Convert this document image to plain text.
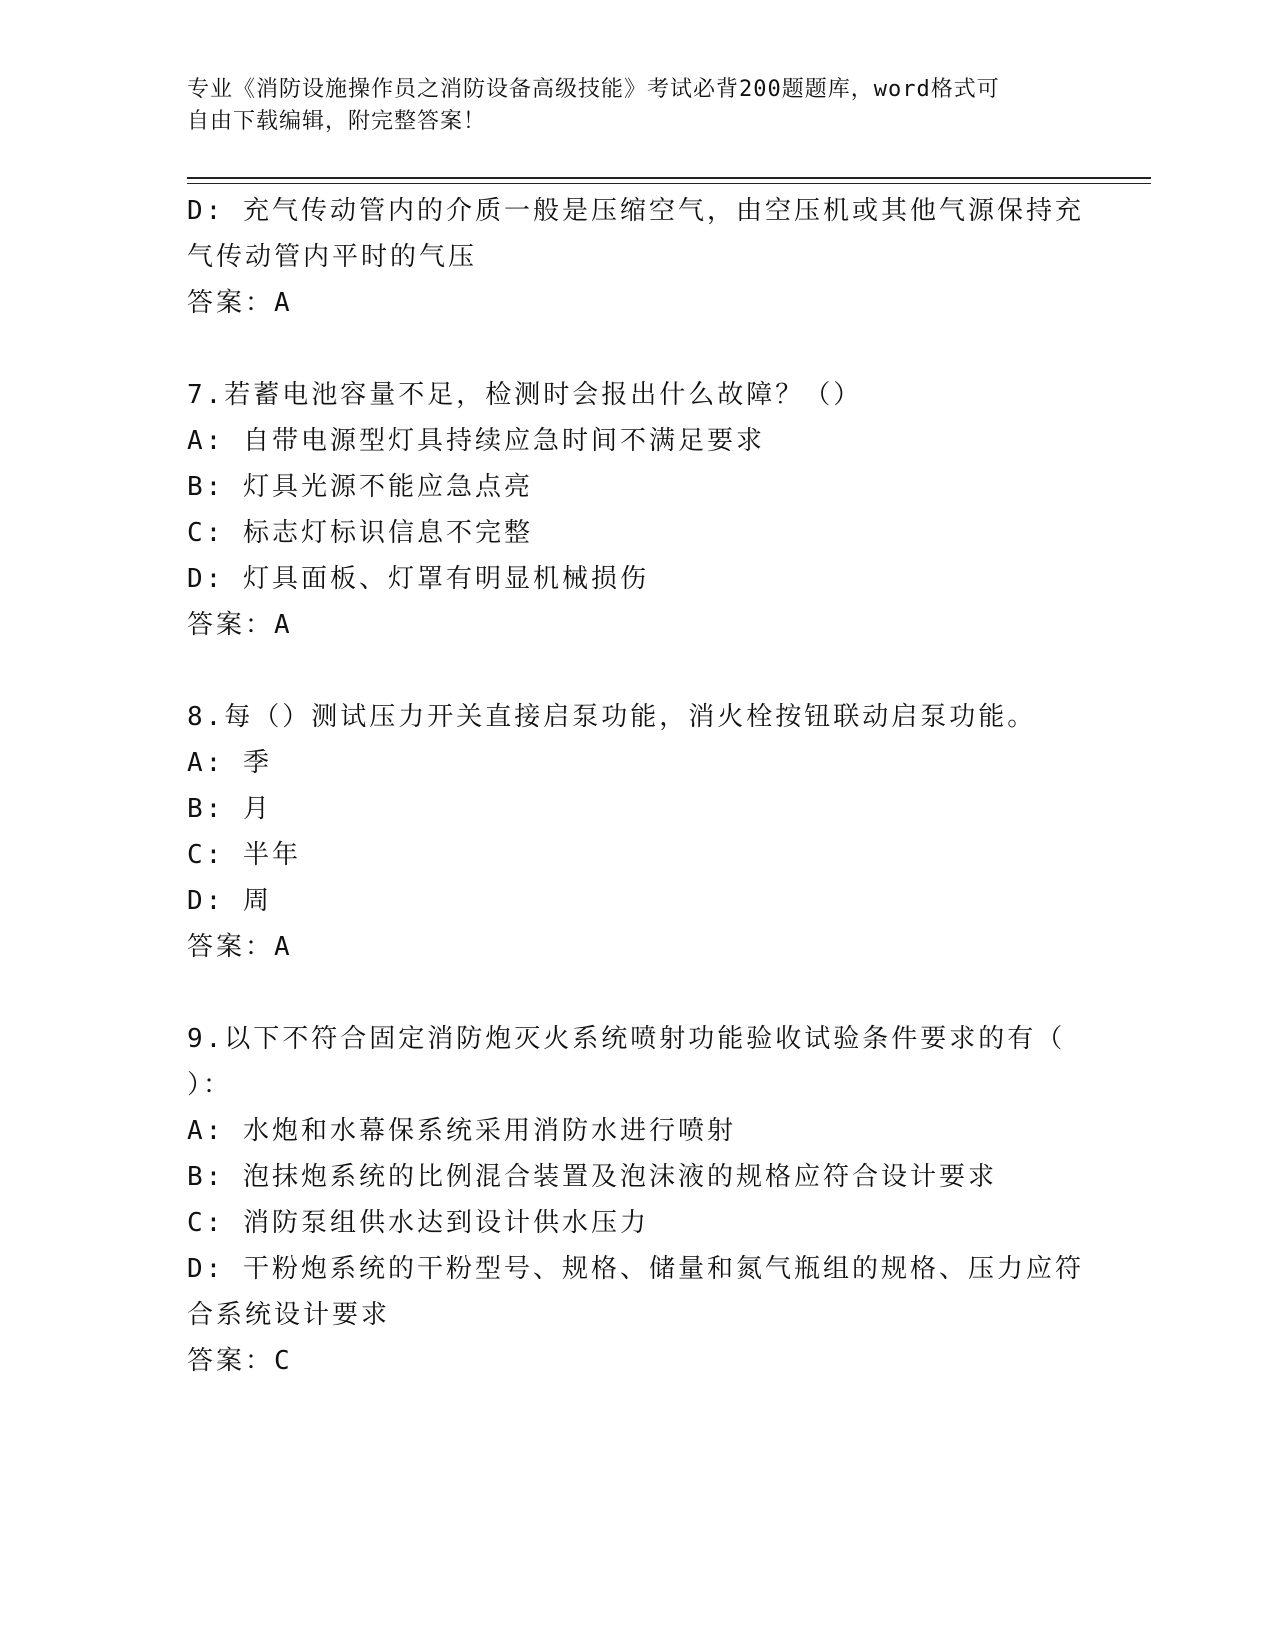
专业《消防设施操作员之消防设备高级技能》考试必背200题题库，word格式可
自由下载编辑，附完整答案！
D: 充气传动管内的介质一般是压缩空气，由空压机或其他气源保持充
气传动管内平时的气压
答案：A
7.若蓄电池容量不足，检测时会报出什么故障？（）
A: 自带电源型灯具持续应急时间不满足要求
B: 灯具光源不能应急点亮
C: 标志灯标识信息不完整
D: 灯具面板、灯罩有明显机械损伤
答案：A
8.每（）测试压力开关直接启泵功能，消火栓按钮联动启泵功能。
A: 季
B: 月
C: 半年
D: 周
答案：A
9.以下不符合固定消防炮灭火系统喷射功能验收试验条件要求的有（
）：
A: 水炮和水幕保系统采用消防水进行喷射
B: 泡抹炮系统的比例混合装置及泡沫液的规格应符合设计要求
C: 消防泵组供水达到设计供水压力
D: 干粉炮系统的干粉型号、规格、储量和氮气瓶组的规格、压力应符
合系统设计要求
答案：C
